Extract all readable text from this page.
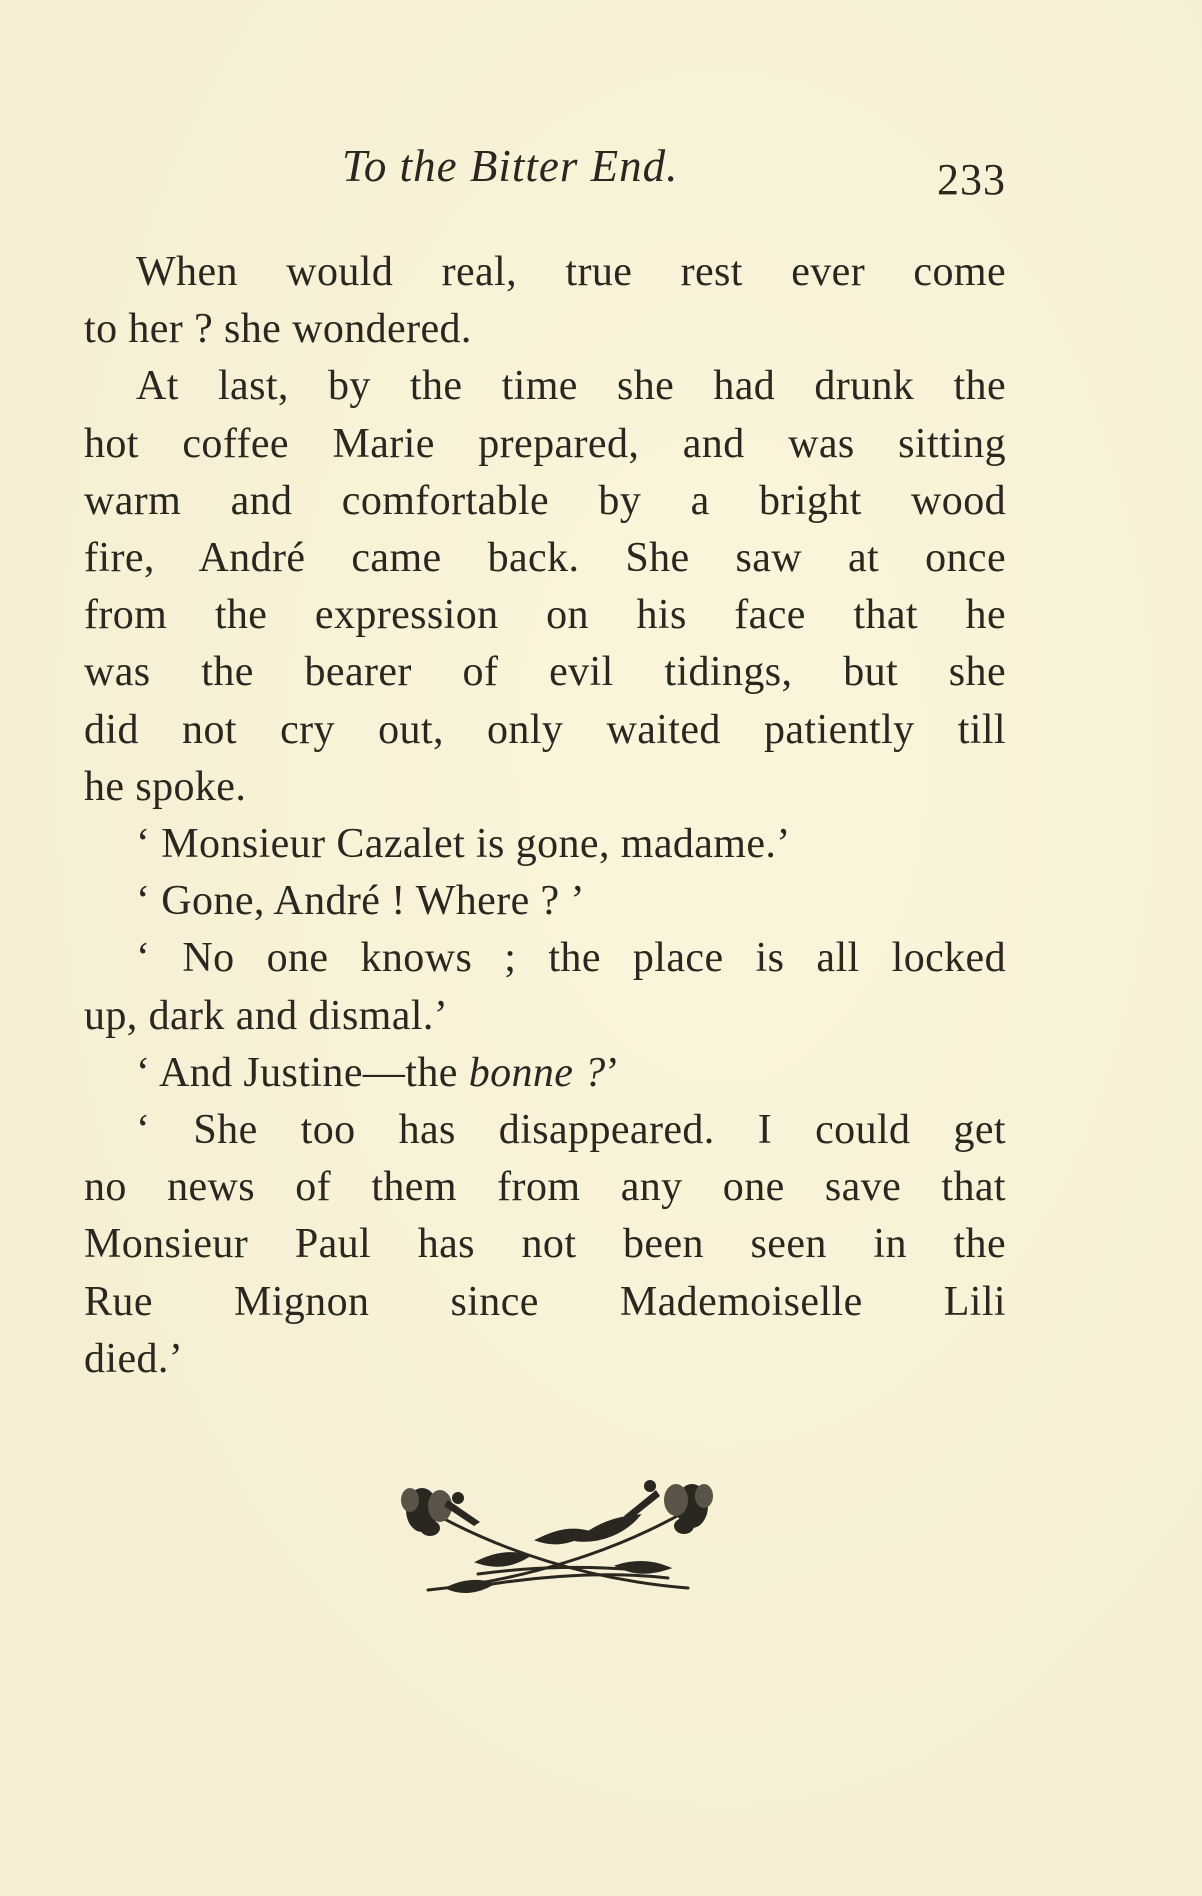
To the Bitter End.	233
When would real, true rest ever come
to her ? she wondered.
At last, by the time she had drunk the
hot coffee Marie prepared, and was sitting
warm and comfortable by a bright wood
fire, André came back. She saw at once
from the expression on his face that he
was the bearer of evil tidings, but she
did not cry out, only waited patiently till
he spoke.
‘ Monsieur Cazalet is gone, madame.’
‘ Gone, André ! Where ? ’
‘ No one knows ; the place is all locked
up, dark and dismal.’
‘ And Justine—the bonne ?’
‘ She too has disappeared. I could get
no news of them from any one save that
Monsieur Paul has not been seen in the
Rue Mignon since Mademoiselle Lili
died.’
